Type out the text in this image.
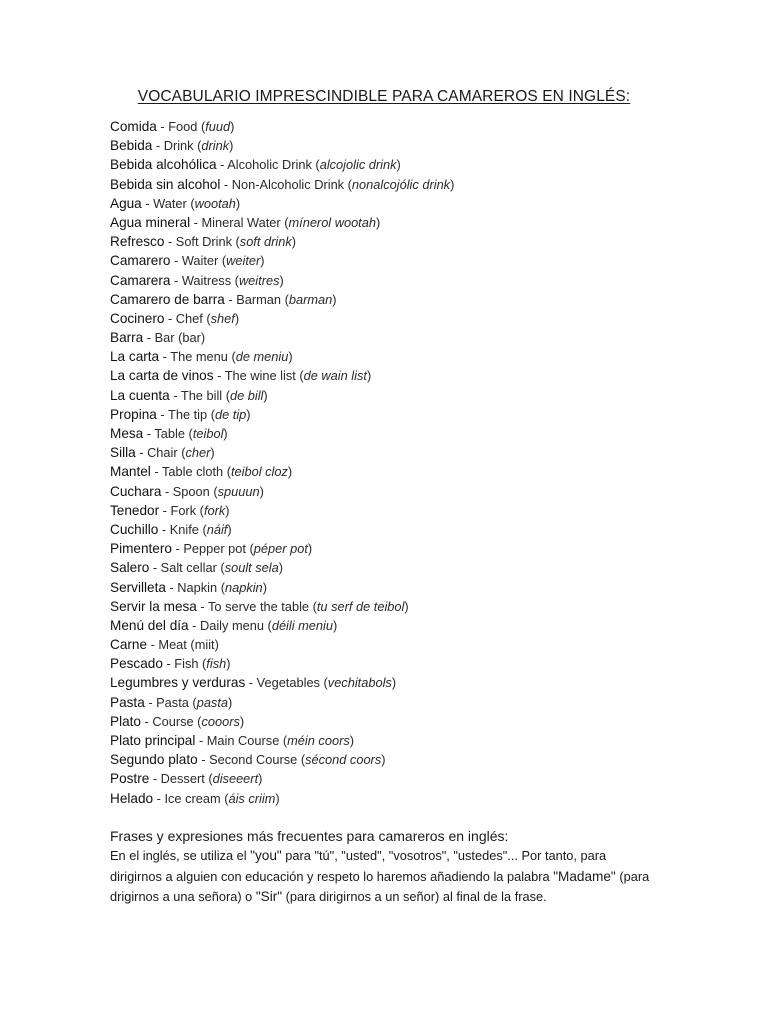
VOCABULARIO IMPRESCINDIBLE PARA CAMAREROS EN INGLÉS:
Comida - Food (fuud)
Bebida - Drink (drink)
Bebida alcohólica - Alcoholic Drink (alcojolic drink)
Bebida sin alcohol - Non-Alcoholic Drink (nonalcojólic drink)
Agua - Water (wootah)
Agua mineral - Mineral Water (mínerol wootah)
Refresco - Soft Drink (soft drink)
Camarero - Waiter (weiter)
Camarera - Waitress (weitres)
Camarero de barra - Barman (barman)
Cocinero - Chef (shef)
Barra - Bar (bar)
La carta - The menu (de meniu)
La carta de vinos - The wine list (de wain list)
La cuenta - The bill (de bill)
Propina - The tip (de tip)
Mesa - Table (teibol)
Silla - Chair (cher)
Mantel - Table cloth (teibol cloz)
Cuchara - Spoon (spuuun)
Tenedor - Fork (fork)
Cuchillo - Knife (náif)
Pimentero - Pepper pot (péper pot)
Salero - Salt cellar (soult sela)
Servilleta - Napkin (napkin)
Servir la mesa - To serve the table (tu serf de teibol)
Menú del día - Daily menu (déili meniu)
Carne - Meat (miit)
Pescado - Fish (fish)
Legumbres y verduras - Vegetables (vechitabols)
Pasta - Pasta (pasta)
Plato - Course (cooors)
Plato principal - Main Course (méin coors)
Segundo plato - Second Course (sécond coors)
Postre - Dessert (diseeert)
Helado - Ice cream (áis criim)

Frases y expresiones más frecuentes para camareros en inglés:

En el inglés, se utiliza el "you" para "tú", "usted", "vosotros", "ustedes"... Por tanto, para dirigirnos a alguien con educación y respeto lo haremos añadiendo la palabra "Madame" (para drigirnos a una señora) o "Sir" (para dirigirnos a un señor) al final de la frase.
